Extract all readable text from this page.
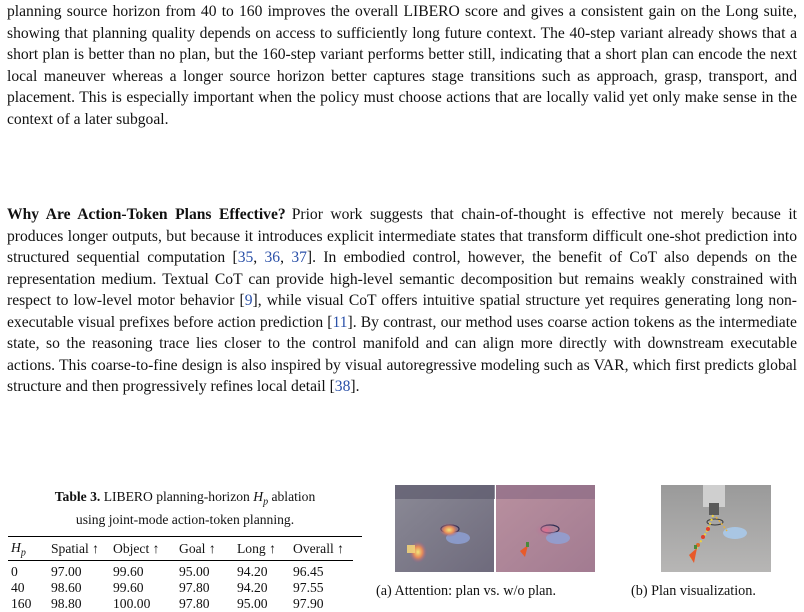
planning source horizon from 40 to 160 improves the overall LIBERO score and gives a consistent gain on the Long suite, showing that planning quality depends on access to sufficiently long future context. The 40-step variant already shows that a short plan is better than no plan, but the 160-step variant performs better still, indicating that a short plan can encode the next local maneuver whereas a longer source horizon better captures stage transitions such as approach, grasp, transport, and placement. This is especially important when the policy must choose actions that are locally valid yet only make sense in the context of a later subgoal.

Why Are Action-Token Plans Effective? Prior work suggests that chain-of-thought is effective not merely because it produces longer outputs, but because it introduces explicit intermediate states that transform difficult one-shot prediction into structured sequential computation [35, 36, 37]. In embodied control, however, the benefit of CoT also depends on the representation medium. Textual CoT can provide high-level semantic decomposition but remains weakly constrained with respect to low-level motor behavior [9], while visual CoT offers intuitive spatial structure yet requires generating long non-executable visual prefixes before action prediction [11]. By contrast, our method uses coarse action tokens as the intermediate state, so the reasoning trace lies closer to the control manifold and can align more directly with downstream executable actions. This coarse-to-fine design is also inspired by visual autoregressive modeling such as VAR, which first predicts global structure and then progressively refines local detail [38].

Table 3. LIBERO planning-horizon $H_p$ ablation
using joint-mode action-token planning.
$H_p$	Spatial ↑	Object ↑	Goal ↑	Long ↑	Overall ↑

0	97.00	99.60	95.00	94.20	96.45
40	98.60	99.60	97.80	94.20	97.55
160	98.80	100.00	97.80	95.00	97.90
(a) Attention: plan vs. w/o plan.	(b) Plan visualization.
